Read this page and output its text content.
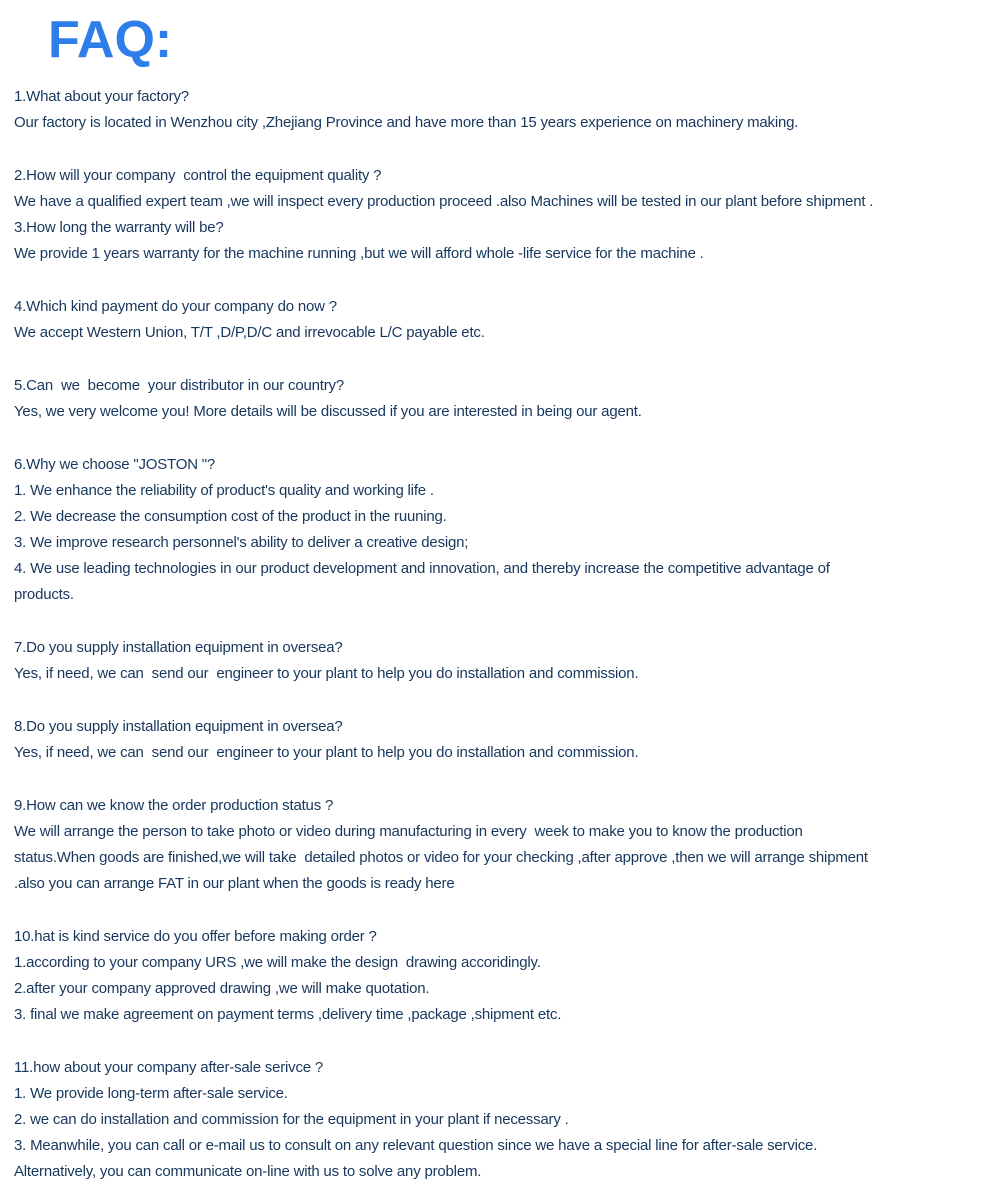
FAQ:
1.What about your factory?
Our factory is located in Wenzhou city ,Zhejiang Province and have more than 15 years experience on machinery making.
2.How will your company  control the equipment quality ?
We have a qualified expert team ,we will inspect every production proceed .also Machines will be tested in our plant before shipment .
3.How long the warranty will be?
We provide 1 years warranty for the machine running ,but we will afford whole -life service for the machine .
4.Which kind payment do your company do now ?
We accept Western Union, T/T ,D/P,D/C and irrevocable L/C payable etc.
5.Can  we  become  your distributor in our country?
Yes, we very welcome you! More details will be discussed if you are interested in being our agent.
6.Why we choose "JOSTON "?
1. We enhance the reliability of product's quality and working life .
2. We decrease the consumption cost of the product in the ruuning.
3. We improve research personnel's ability to deliver a creative design;
4. We use leading technologies in our product development and innovation, and thereby increase the competitive advantage of
products.
7.Do you supply installation equipment in oversea?
Yes, if need, we can  send our  engineer to your plant to help you do installation and commission.
8.Do you supply installation equipment in oversea?
Yes, if need, we can  send our  engineer to your plant to help you do installation and commission.
9.How can we know the order production status ?
We will arrange the person to take photo or video during manufacturing in every  week to make you to know the production
status.When goods are finished,we will take  detailed photos or video for your checking ,after approve ,then we will arrange shipment
.also you can arrange FAT in our plant when the goods is ready here
10.hat is kind service do you offer before making order ?
1.according to your company URS ,we will make the design  drawing accoridingly.
2.after your company approved drawing ,we will make quotation.
3. final we make agreement on payment terms ,delivery time ,package ,shipment etc.
11.how about your company after-sale serivce ?
1. We provide long-term after-sale service.
2. we can do installation and commission for the equipment in your plant if necessary .
3. Meanwhile, you can call or e-mail us to consult on any relevant question since we have a special line for after-sale service.
Alternatively, you can communicate on-line with us to solve any problem.
